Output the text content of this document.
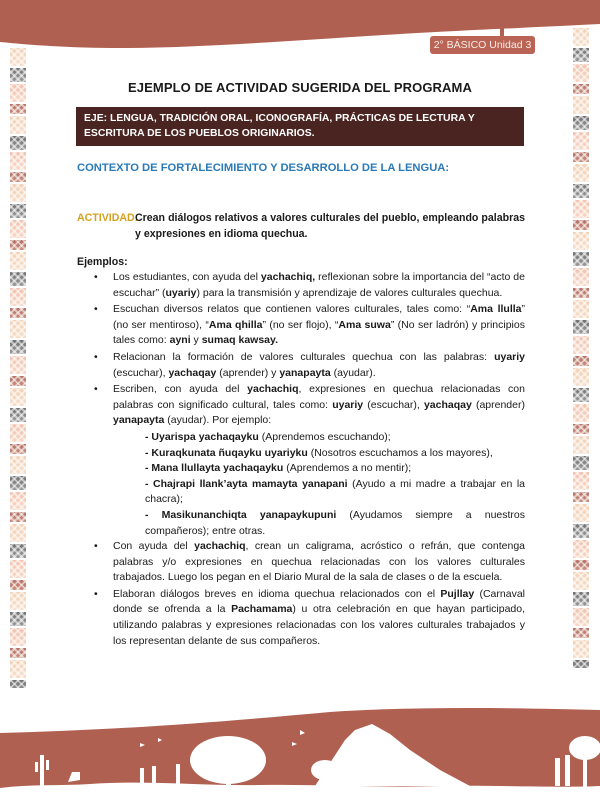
2° BÁSICO Unidad 3
EJEMPLO DE ACTIVIDAD SUGERIDA DEL PROGRAMA
EJE: LENGUA, TRADICIÓN ORAL, ICONOGRAFÍA, PRÁCTICAS DE LECTURA Y ESCRITURA DE LOS PUEBLOS ORIGINARIOS.
CONTEXTO DE FORTALECIMIENTO Y DESARROLLO DE LA LENGUA:
ACTIVIDAD:
Crean diálogos relativos a valores culturales del pueblo, empleando palabras y expresiones en idioma quechua.
Ejemplos:
• Los estudiantes, con ayuda del yachachiq, reflexionan sobre la importancia del “acto de escuchar” (uyariy) para la transmisión y aprendizaje de valores culturales quechua.
• Escuchan diversos relatos que contienen valores culturales, tales como: “Ama llulla” (no ser mentiroso), “Ama qhilla” (no ser flojo), “Ama suwa” (No ser ladrón) y principios tales como: ayni y sumaq kawsay.
• Relacionan la formación de valores culturales quechua con las palabras: uyariy (escuchar), yachaqay (aprender) y yanapayta (ayudar).
• Escriben, con ayuda del yachachiq, expresiones en quechua relacionadas con palabras con significado cultural, tales como: uyariy (escuchar), yachaqay (aprender) yanapayta (ayudar). Por ejemplo:
- Uyarispa yachaqayku (Aprendemos escuchando);
- Kuraqkunata ñuqayku uyariyku (Nosotros escuchamos a los mayores),
- Mana llullayta yachaqayku (Aprendemos a no mentir);
- Chajrapi llank’ayta mamayta yanapani (Ayudo a mi madre a trabajar en la chacra);
- Masikunanchiqta yanapaykupuni (Ayudamos siempre a nuestros compañeros); entre otras.
• Con ayuda del yachachiq, crean un caligrama, acróstico o refrán, que contenga palabras y/o expresiones en quechua relacionadas con los valores culturales trabajados. Luego los pegan en el Diario Mural de la sala de clases o de la escuela.
• Elaboran diálogos breves en idioma quechua relacionados con el Pujllay (Carnaval donde se ofrenda a la Pachamama) u otra celebración en que hayan participado, utilizando palabras y expresiones relacionadas con los valores culturales trabajados y los representan delante de sus compañeros.
